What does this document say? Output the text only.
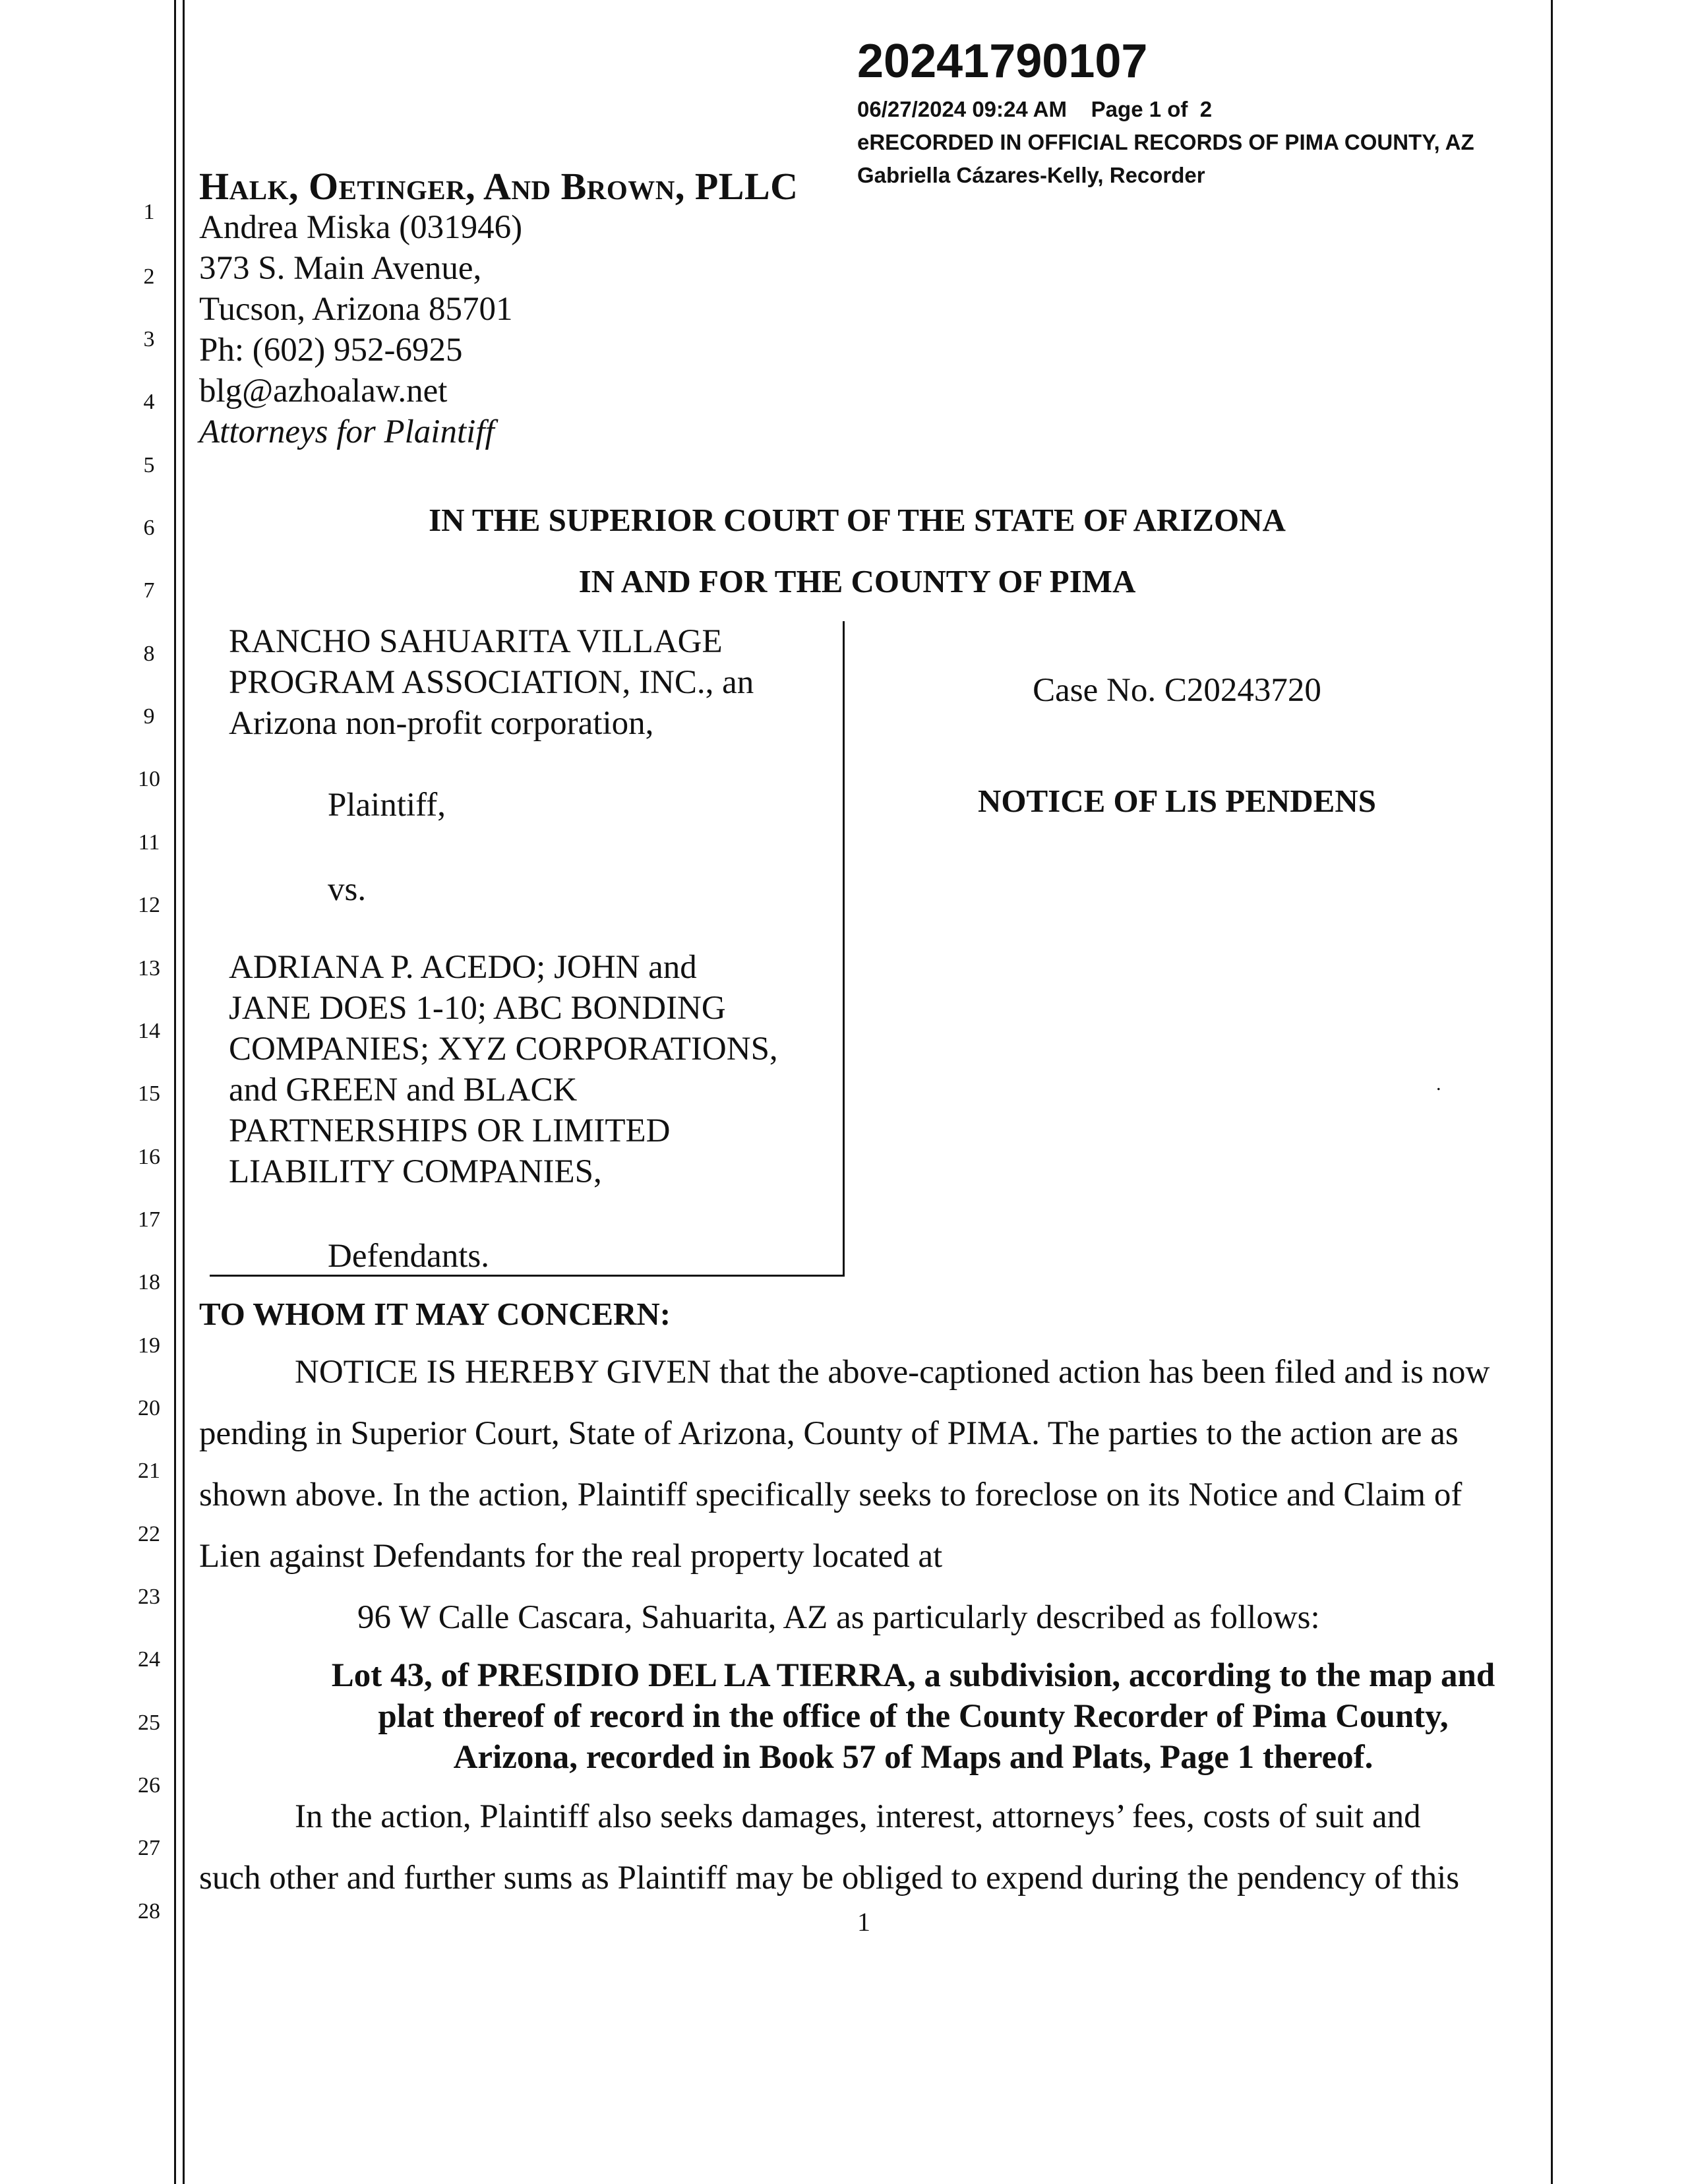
1
2
3
4
5
6
7
8
9
10
11
12
13
14
15
16
17
18
19
20
21
22
23
24
25
26
27
28
20241790107
06/27/2024 09:24 AM    Page 1 of  2
eRECORDED IN OFFICIAL RECORDS OF PIMA COUNTY, AZ
Gabriella Cázares-Kelly, Recorder
Halk, Oetinger, And Brown, PLLC
Andrea Miska (031946)
373 S. Main Avenue,
Tucson, Arizona 85701
Ph: (602) 952-6925
blg@azhoalaw.net
Attorneys for Plaintiff
IN THE SUPERIOR COURT OF THE STATE OF ARIZONA
IN AND FOR THE COUNTY OF PIMA
RANCHO SAHUARITA VILLAGE
PROGRAM ASSOCIATION, INC., an
Arizona non-profit corporation,
Plaintiff,
vs.
ADRIANA P. ACEDO; JOHN and
JANE DOES 1-10; ABC BONDING
COMPANIES; XYZ CORPORATIONS,
and GREEN and BLACK
PARTNERSHIPS OR LIMITED
LIABILITY COMPANIES,
Defendants.
Case No. C20243720
NOTICE OF LIS PENDENS
.
TO WHOM IT MAY CONCERN:
NOTICE IS HEREBY GIVEN that the above-captioned action has been filed and is now
pending in Superior Court, State of Arizona, County of PIMA. The parties to the action are as
shown above. In the action, Plaintiff specifically seeks to foreclose on its Notice and Claim of
Lien against Defendants for the real property located at
96 W Calle Cascara, Sahuarita, AZ as particularly described as follows:
Lot 43, of PRESIDIO DEL LA TIERRA, a subdivision, according to the map and
plat thereof of record in the office of the County Recorder of Pima County,
Arizona, recorded in Book 57 of Maps and Plats, Page 1 thereof.
In the action, Plaintiff also seeks damages, interest, attorneys’ fees, costs of suit and
such other and further sums as Plaintiff may be obliged to expend during the pendency of this
1
